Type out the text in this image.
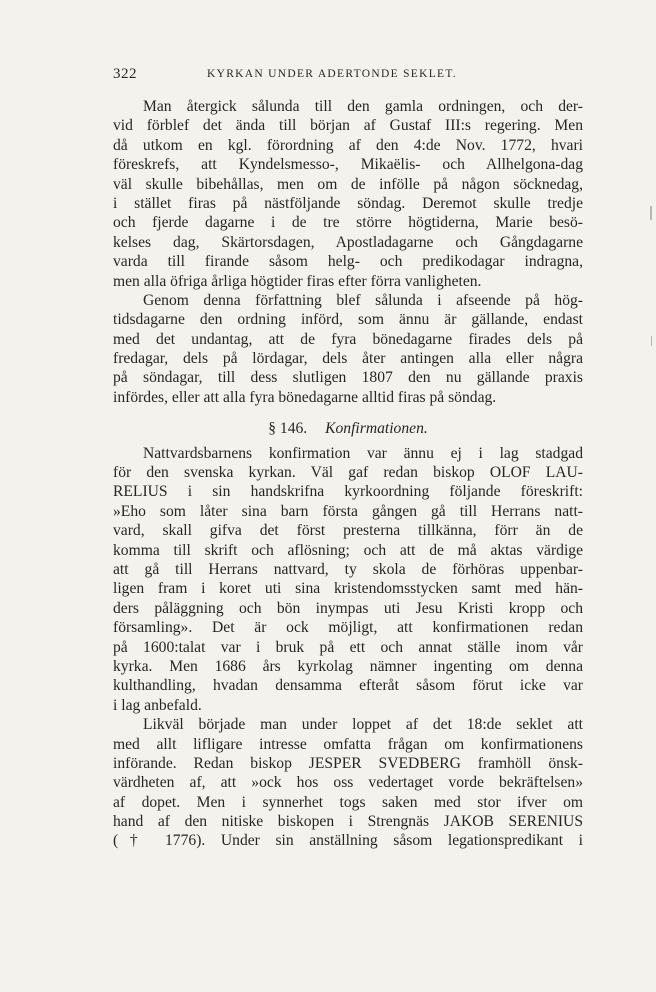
322	KYRKAN UNDER ADERTONDE SEKLET.
Man återgick sålunda till den gamla ordningen, och der-
vid förblef det ända till början af Gustaf III:s regering. Men
då utkom en kgl. förordning af den 4:de Nov. 1772, hvari
föreskrefs, att Kyndelsmesso-, Mikaëlis- och Allhelgona-dag
väl skulle bibehållas, men om de infölle på någon söcknedag,
i stället firas på nästföljande söndag. Deremot skulle tredje
och fjerde dagarne i de tre större högtiderna, Marie besö-
kelses dag, Skärtorsdagen, Apostladagarne och Gångdagarne
varda till firande såsom helg- och predikodagar indragna,
men alla öfriga årliga högtider firas efter förra vanligheten.
Genom denna författning blef sålunda i afseende på hög-
tidsdagarne den ordning införd, som ännu är gällande, endast
med det undantag, att de fyra bönedagarne firades dels på
fredagar, dels på lördagar, dels åter antingen alla eller några
på söndagar, till dess slutligen 1807 den nu gällande praxis
infördes, eller att alla fyra bönedagarne alltid firas på söndag.
§ 146. Konfirmationen.
Nattvardsbarnens konfirmation var ännu ej i lag stadgad
för den svenska kyrkan. Väl gaf redan biskop OLOF LAU-
RELIUS i sin handskrifna kyrkoordning följande föreskrift:
»Eho som låter sina barn första gången gå till Herrans natt-
vard, skall gifva det först presterna tillkänna, förr än de
komma till skrift och aflösning; och att de må aktas värdige
att gå till Herrans nattvard, ty skola de förhöras uppenbar-
ligen fram i koret uti sina kristendomsstycken samt med hän-
ders påläggning och bön inympas uti Jesu Kristi kropp och
församling». Det är ock möjligt, att konfirmationen redan
på 1600:talat var i bruk på ett och annat ställe inom vår
kyrka. Men 1686 års kyrkolag nämner ingenting om denna
kulthandling, hvadan densamma efteråt såsom förut icke var
i lag anbefald.
Likväl började man under loppet af det 18:de seklet att
med allt lifligare intresse omfatta frågan om konfirmationens
införande. Redan biskop JESPER SVEDBERG framhöll önsk-
värdheten af, att »ock hos oss vedertaget vorde bekräftelsen»
af dopet. Men i synnerhet togs saken med stor ifver om
hand af den nitiske biskopen i Strengnäs JAKOB SERENIUS
(† 1776). Under sin anställning såsom legationspredikant i
